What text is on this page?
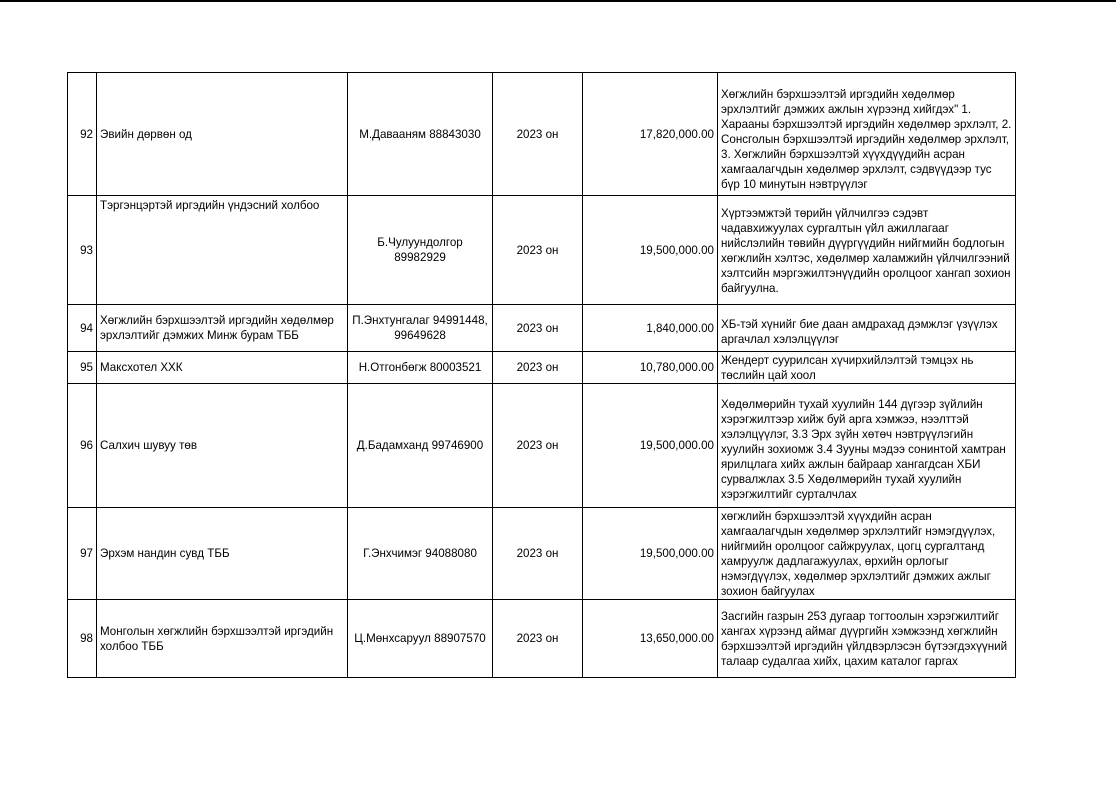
92	Эвийн дөрвөн од	М.Давааням 88843030	2023 он	17,820,000.00	Хөгжлийн бэрхшээлтэй иргэдийн хөдөлмөр эрхлэлтийг дэмжих ажлын хүрээнд хийгдэх" 1. Харааны бэрхшээлтэй иргэдийн хөдөлмөр эрхлэлт, 2. Сонсголын бэрхшээлтэй иргэдийн хөдөлмөр эрхлэлт, 3. Хөгжлийн бэрхшээлтэй хүүхдүүдийн асран хамгаалагчдын хөдөлмөр эрхлэлт, сэдвүүдээр тус бүр 10 минутын нэвтрүүлэг

93	Тэргэнцэртэй иргэдийн үндэсний холбоо	Б.Чулуундолгор 89982929	2023 он	19,500,000.00	Хүртээмжтэй төрийн үйлчилгээ сэдэвт чадавхижуулах сургалтын үйл ажиллагааг нийслэлийн төвийн дүүргүүдийн нийгмийн бодлогын хөгжлийн хэлтэс, хөдөлмөр халамжийн үйлчилгээний хэлтсийн мэргэжилтэнүүдийн оролцоог хангап зохион байгуулна.

94	Хөгжлийн бэрхшээлтэй иргэдийн хөдөлмөр эрхлэлтийг дэмжих Минж бурам ТББ	П.Энхтунгалаг 94991448, 99649628	2023 он	1,840,000.00	ХБ-тэй хүнийг бие даан амдрахад дэмжлэг үзүүлэх аргачлал хэлэлцүүлэг

95	Максхотел ХХК	Н.Отгонбөгж 80003521	2023 он	10,780,000.00	Жендерт суурилсан хүчирхийлэлтэй тэмцэх нь төслийн цай хоол

96	Салхич шувуу төв	Д.Бадамханд 99746900	2023 он	19,500,000.00	Хөдөлмөрийн тухай хуулийн 144 дүгээр зүйлийн хэрэгжилтээр хийж буй арга хэмжээ, нээлттэй хэлэлцүүлэг, 3.3 Эрх зүйн хөтөч нэвтрүүлэгийн хуулийн зохиомж 3.4 Зууны мэдээ сонинтой хамтран ярилцлага хийх ажлын байраар хангагдсан ХБИ сурвалжлах 3.5 Хөдөлмөрийн тухай хуулийн хэрэгжилтийг сурталчлах

97	Эрхэм нандин сувд ТББ	Г.Энхчимэг 94088080	2023 он	19,500,000.00	хөгжлийн бэрхшээлтэй хүүхдийн асран хамгаалагчдын хөдөлмөр эрхлэлтийг нэмэгдүүлэх, нийгмийн оролцоог сайжруулах, цогц сургалтанд хамруулж дадлагажуулах, өрхийн орлогыг нэмэгдүүлэх, хөдөлмөр эрхлэлтийг дэмжих ажлыг зохион байгуулах

98	Монголын хөгжлийн бэрхшээлтэй иргэдийн холбоо ТББ	Ц.Мөнхсаруул 88907570	2023 он	13,650,000.00	Засгийн газрын 253 дугаар тогтоолын хэрэгжилтийг хангах хүрээнд аймаг дүүргийн хэмжээнд хөгжлийн бэрхшээлтэй иргэдийн үйлдвэрлэсэн бүтээгдэхүүний талаар судалгаа хийх, цахим каталог гаргах
